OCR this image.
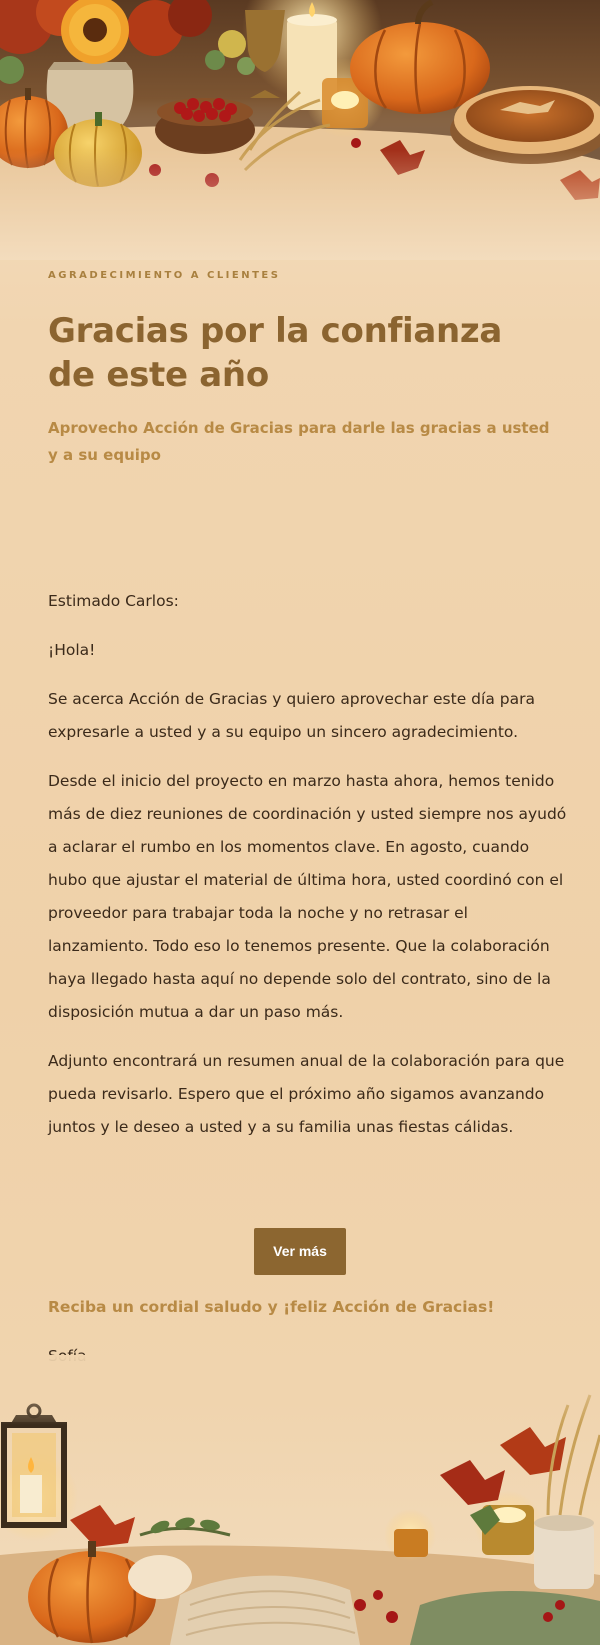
AGRADECIMIENTO A CLIENTES

Gracias por la confianza de este año

Aprovecho Acción de Gracias para darle las gracias a usted y a su equipo

Estimado Carlos:

¡Hola!

Se acerca Acción de Gracias y quiero aprovechar este día para expresarle a usted y a su equipo un sincero agradecimiento.

Desde el inicio del proyecto en marzo hasta ahora, hemos tenido más de diez reuniones de coordinación y usted siempre nos ayudó a aclarar el rumbo en los momentos clave. En agosto, cuando hubo que ajustar el material de última hora, usted coordinó con el proveedor para trabajar toda la noche y no retrasar el lanzamiento. Todo eso lo tenemos presente. Que la colaboración haya llegado hasta aquí no depende solo del contrato, sino de la disposición mutua a dar un paso más.

Adjunto encontrará un resumen anual de la colaboración para que pueda revisarlo. Espero que el próximo año sigamos avanzando juntos y le deseo a usted y a su familia unas fiestas cálidas.

Ver más

Reciba un cordial saludo y ¡feliz Acción de Gracias!
